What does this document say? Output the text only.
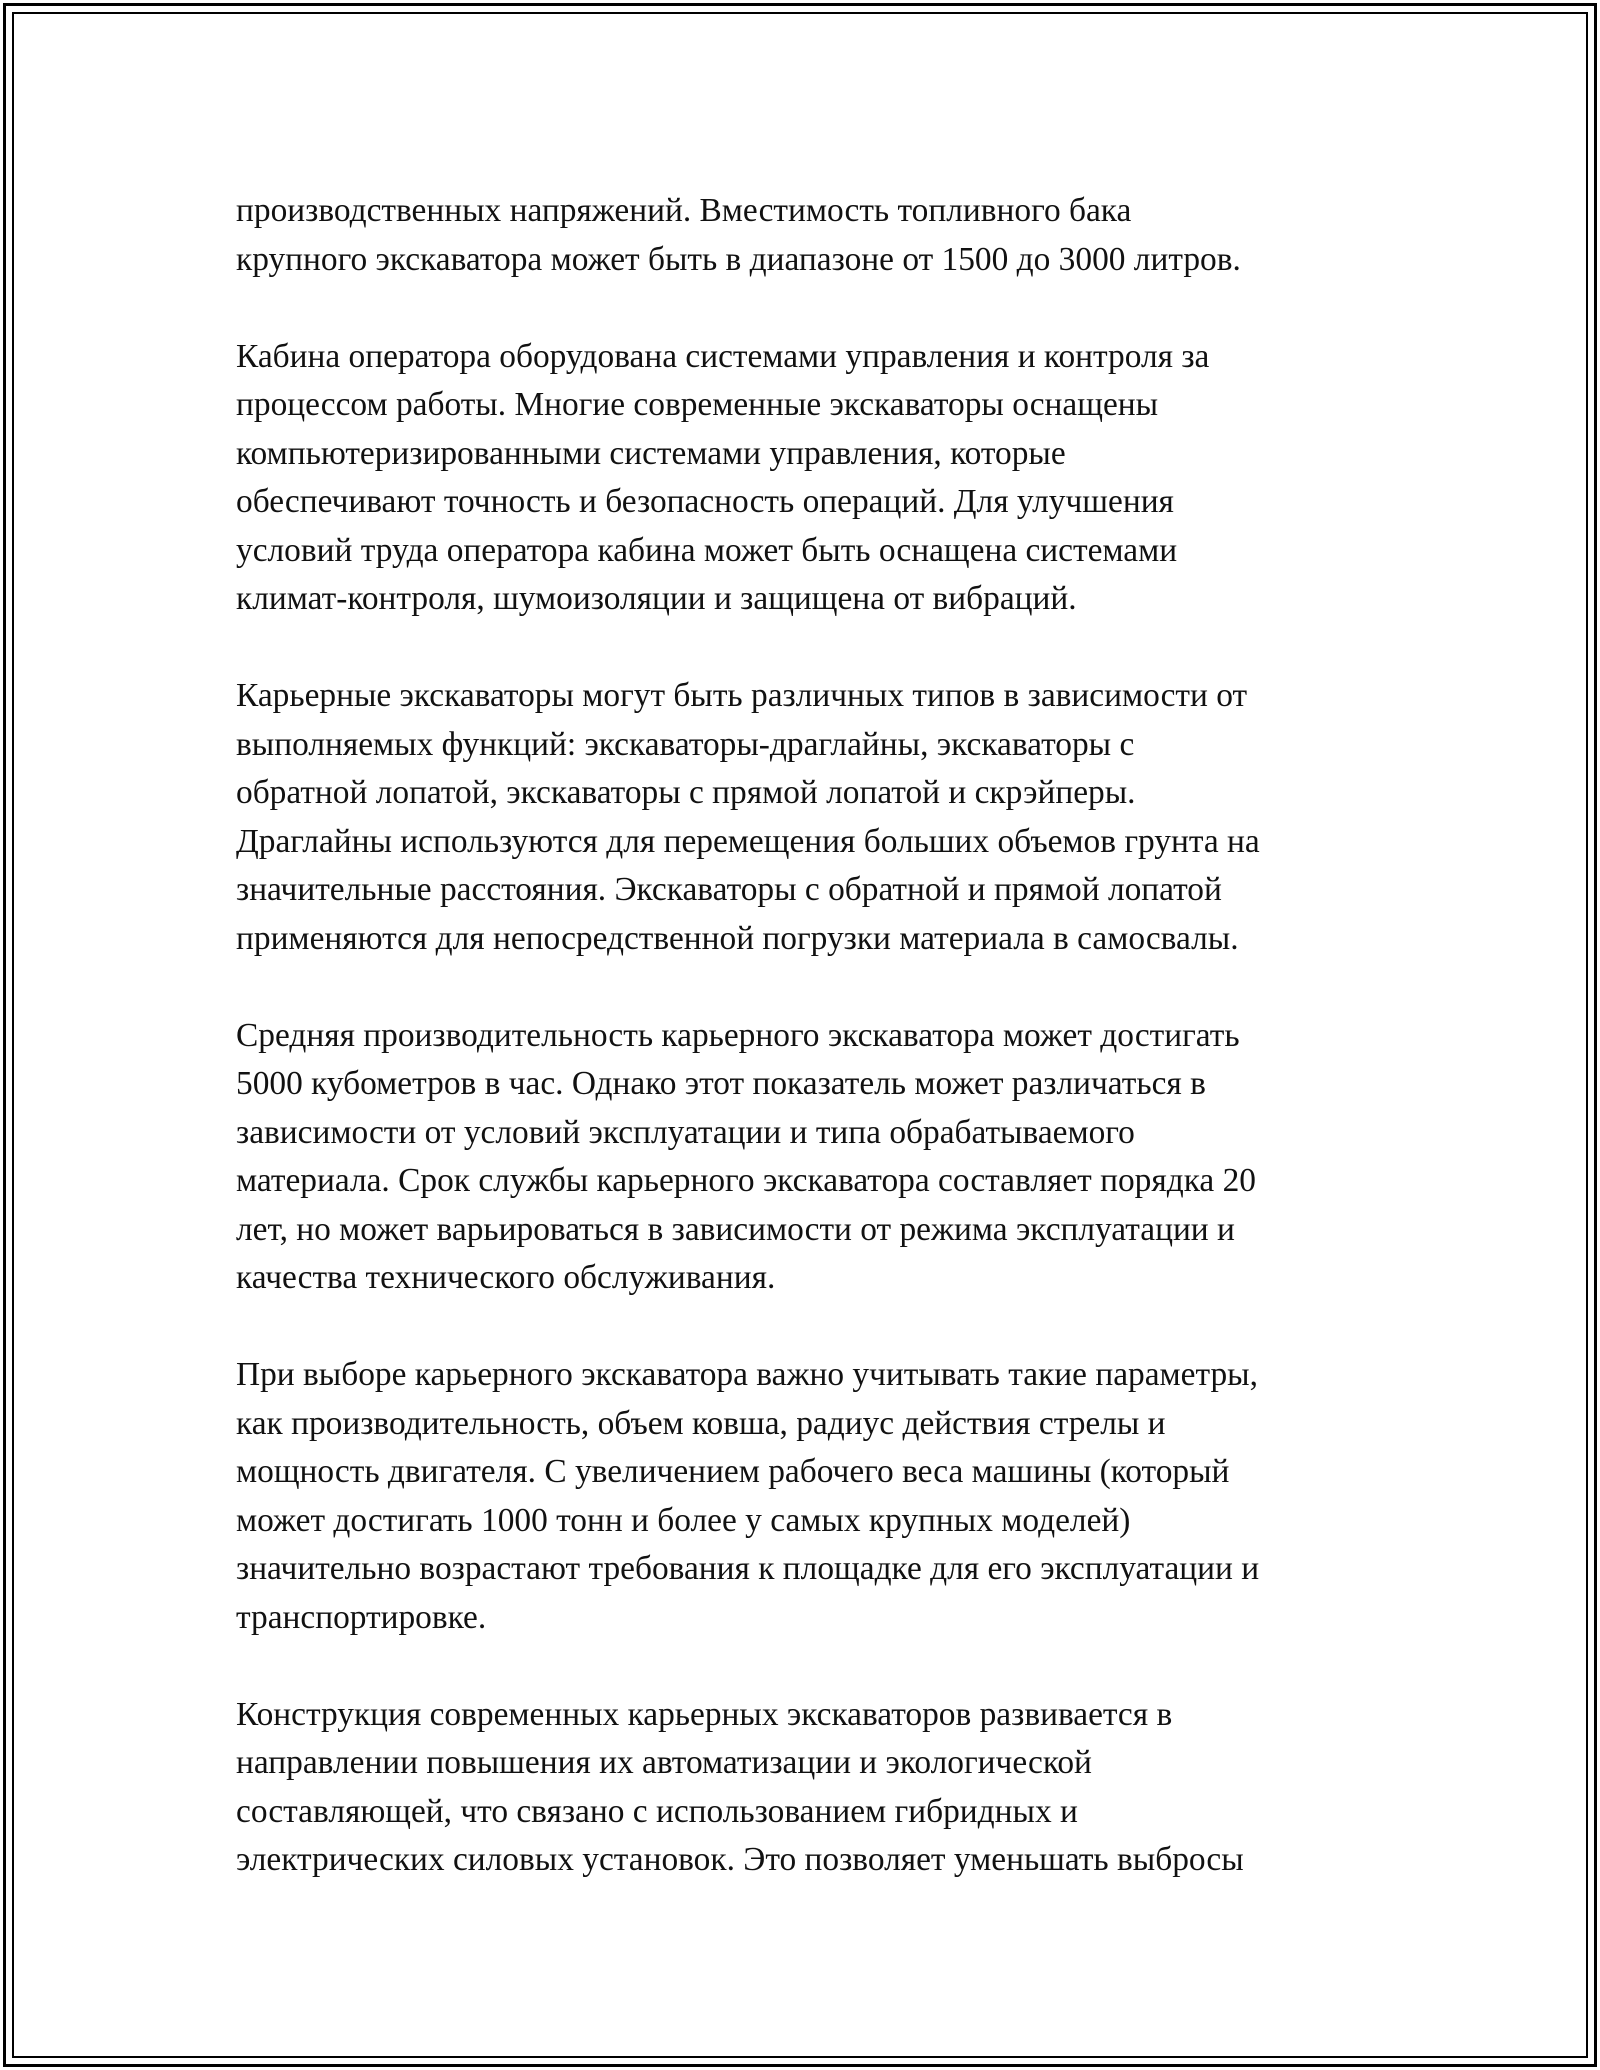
производственных напряжений. Вместимость топливного бака
крупного экскаватора может быть в диапазоне от 1500 до 3000 литров.
Кабина оператора оборудована системами управления и контроля за
процессом работы. Многие современные экскаваторы оснащены
компьютеризированными системами управления, которые
обеспечивают точность и безопасность операций. Для улучшения
условий труда оператора кабина может быть оснащена системами
климат-контроля, шумоизоляции и защищена от вибраций.
Карьерные экскаваторы могут быть различных типов в зависимости от
выполняемых функций: экскаваторы-драглайны, экскаваторы с
обратной лопатой, экскаваторы с прямой лопатой и скрэйперы.
Драглайны используются для перемещения больших объемов грунта на
значительные расстояния. Экскаваторы с обратной и прямой лопатой
применяются для непосредственной погрузки материала в самосвалы.
Средняя производительность карьерного экскаватора может достигать
5000 кубометров в час. Однако этот показатель может различаться в
зависимости от условий эксплуатации и типа обрабатываемого
материала. Срок службы карьерного экскаватора составляет порядка 20
лет, но может варьироваться в зависимости от режима эксплуатации и
качества технического обслуживания.
При выборе карьерного экскаватора важно учитывать такие параметры,
как производительность, объем ковша, радиус действия стрелы и
мощность двигателя. С увеличением рабочего веса машины (который
может достигать 1000 тонн и более у самых крупных моделей)
значительно возрастают требования к площадке для его эксплуатации и
транспортировке.
Конструкция современных карьерных экскаваторов развивается в
направлении повышения их автоматизации и экологической
составляющей, что связано с использованием гибридных и
электрических силовых установок. Это позволяет уменьшать выбросы
